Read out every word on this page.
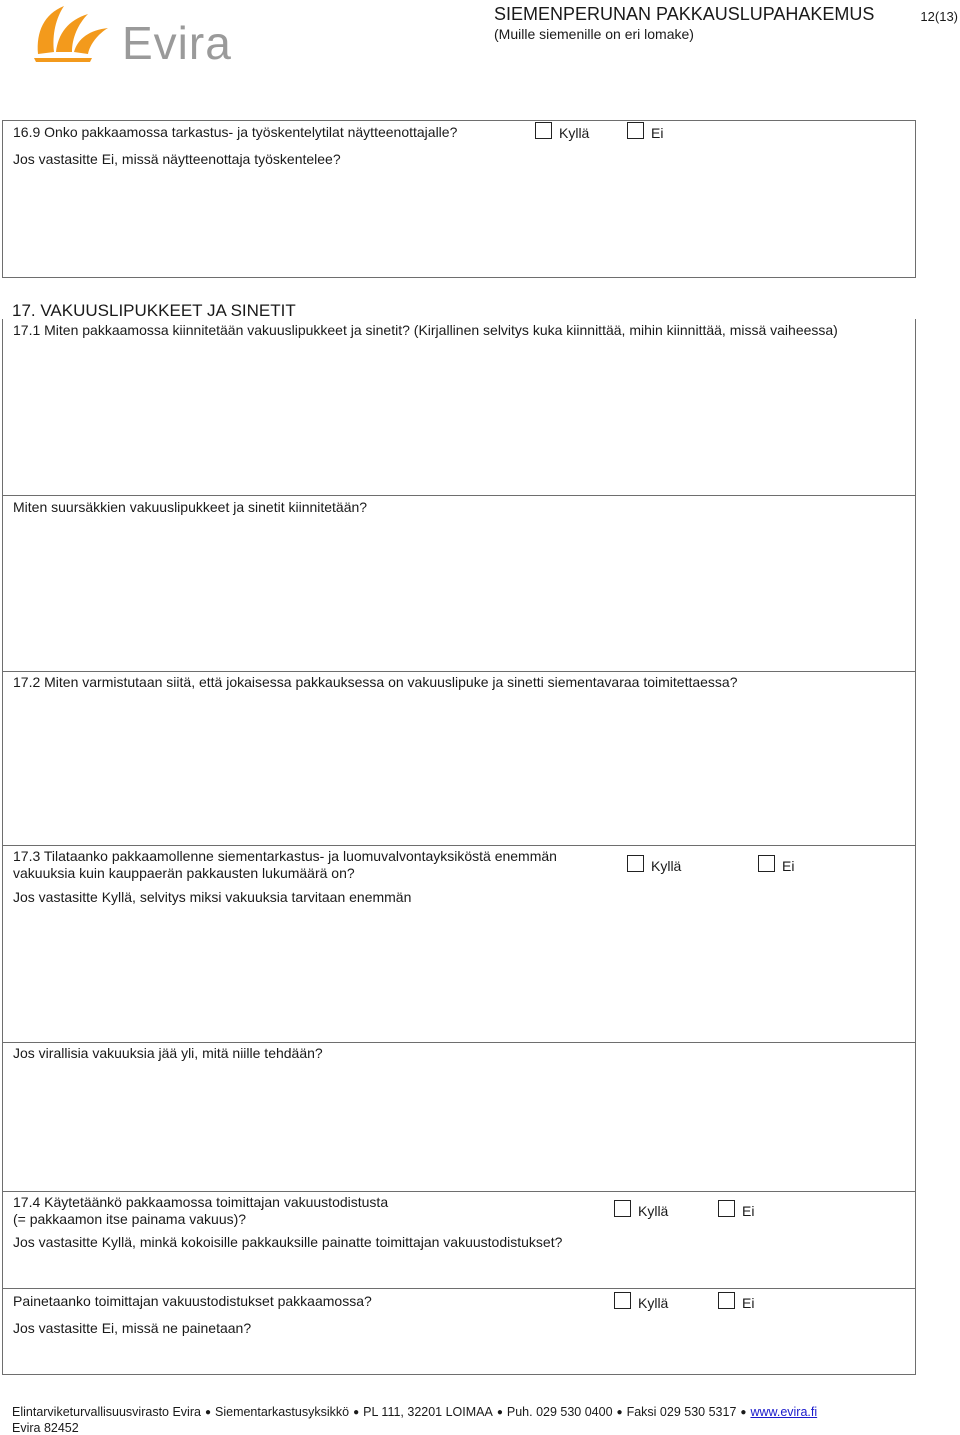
Evira
SIEMENPERUNAN PAKKAUSLUPAHAKEMUS
(Muille siemenille on eri lomake)
12(13)
16.9 Onko pakkaamossa tarkastus- ja työskentelytilat näytteenottajalle?	Kyllä	Ei
Jos vastasitte Ei, missä näytteenottaja työskentelee?
17. VAKUUSLIPUKKEET JA SINETIT
17.1 Miten pakkaamossa kiinnitetään vakuuslipukkeet ja sinetit? (Kirjallinen selvitys kuka kiinnittää, mihin kiinnittää, missä vaiheessa)
Miten suursäkkien vakuuslipukkeet ja sinetit kiinnitetään?
17.2 Miten varmistutaan siitä, että jokaisessa pakkauksessa on vakuuslipuke ja sinetti siementavaraa toimitettaessa?
17.3 Tilataanko pakkaamollenne siementarkastus- ja luomuvalvontayksiköstä enemmän
vakuuksia kuin kauppaerän pakkausten lukumäärä on?	Kyllä	Ei
Jos vastasitte Kyllä, selvitys miksi vakuuksia tarvitaan enemmän
Jos virallisia vakuuksia jää yli, mitä niille tehdään?
17.4 Käytetäänkö pakkaamossa toimittajan vakuustodistusta
(= pakkaamon itse painama vakuus)?	Kyllä	Ei
Jos vastasitte Kyllä, minkä kokoisille pakkauksille painatte toimittajan vakuustodistukset?
Painetaanko toimittajan vakuustodistukset pakkaamossa?	Kyllä	Ei
Jos vastasitte Ei, missä ne painetaan?
Elintarviketurvallisuusvirasto Evira ● Siementarkastusyksikkö ● PL 111, 32201 LOIMAA ● Puh. 029 530 0400 ● Faksi 029 530 5317 ● www.evira.fi
Evira 82452
